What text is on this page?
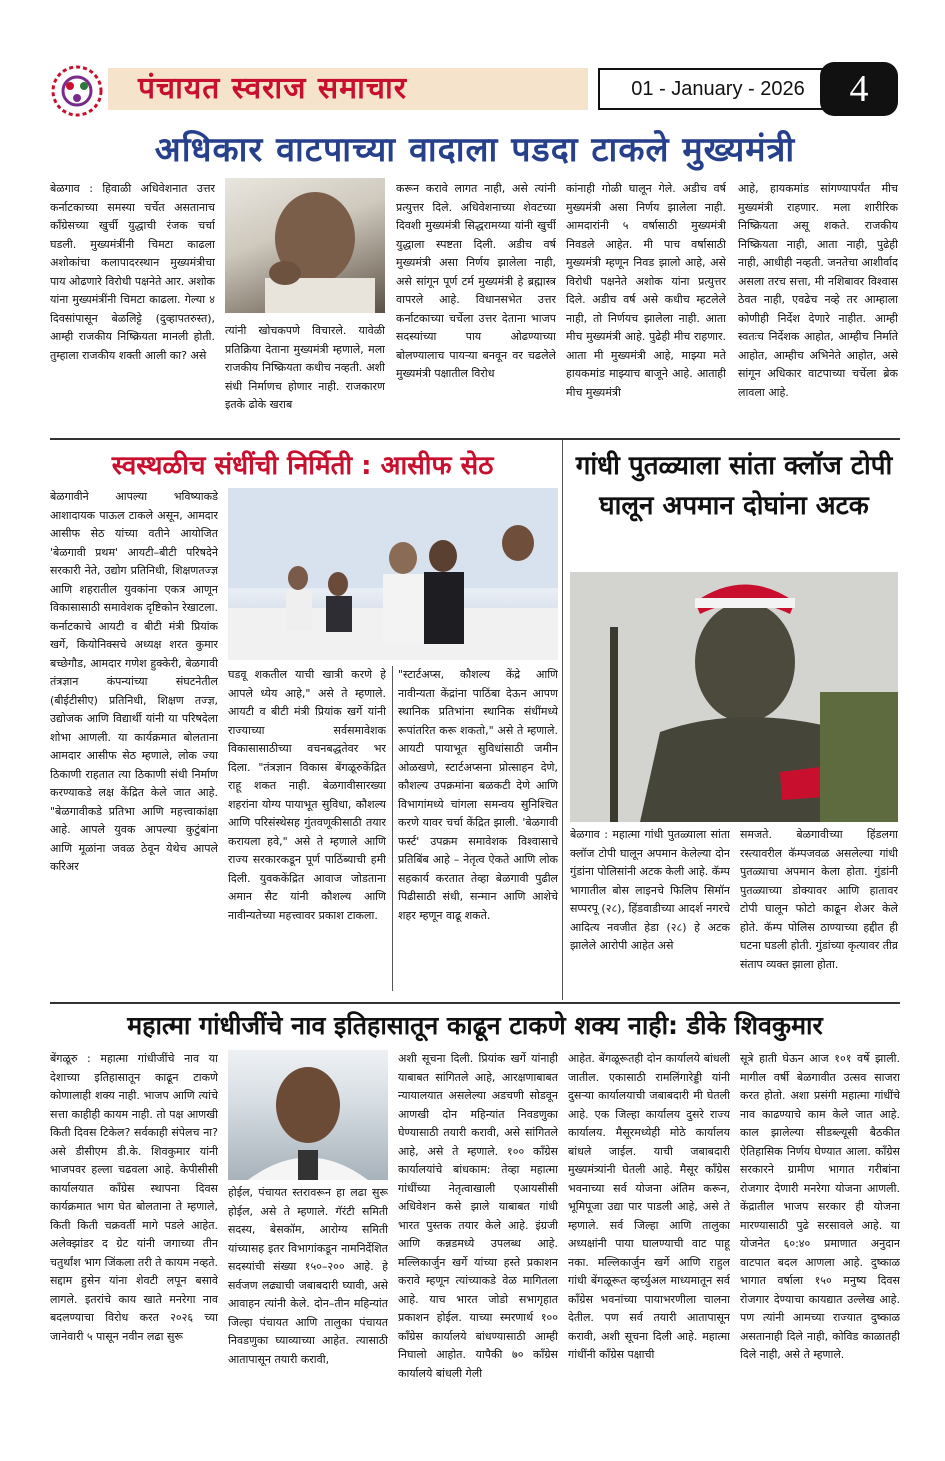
पंचायत स्वराज समाचार	01 - January - 2026	4
अधिकार वाटपाच्या वादाला पडदा टाकले मुख्यमंत्री
बेळगाव : हिवाळी अधिवेशनात उत्तर कर्नाटकाच्या समस्या चर्चेत असतानाच कॉंग्रेसच्या खुर्ची युद्धाची रंजक चर्चा घडली. मुख्यमंत्रींनी चिमटा काढला अशोकांचा कलापादरस्थान मुख्यमंत्रीचा पाय ओढणारे विरोधी पक्षनेते आर. अशोक यांना मुख्यमंत्रींनी चिमटा काढला. गेल्या ४ दिवसांपासून बेळलिट्टे (दुव्हापतरुस्त), आम्ही राजकीय निष्क्रियता मानली होती. तुम्हाला राजकीय शक्ती आली का? असे
त्यांनी खोचकपणे विचारले. यावेळी प्रतिक्रिया देताना मुख्यमंत्री म्हणाले, मला राजकीय निष्क्रियता कधीच नव्हती. अशी संधी निर्माणच होणार नाही. राजकारण इतके ढोके खराब
करून करावे लागत नाही, असे त्यांनी प्रत्युत्तर दिले. अधिवेशनाच्या शेवटच्या दिवशी मुख्यमंत्री सिद्धरामय्या यांनी खुर्ची युद्धाला स्पष्टता दिली. अडीच वर्ष मुख्यमंत्री असा निर्णय झालेला नाही, असे सांगून पूर्ण टर्म मुख्यमंत्री हे ब्रह्मास्त्र वापरले आहे. विधानसभेत उत्तर कर्नाटकाच्या चर्चेला उत्तर देताना भाजप सदस्यांच्या पाय ओढण्याच्या बोलण्यालाच पायऱ्या बनवून वर चढलेले मुख्यमंत्री पक्षातील विरोध
कांनाही गोळी घालून गेले. अडीच वर्ष मुख्यमंत्री असा निर्णय झालेला नाही. आमदारांनी ५ वर्षासाठी मुख्यमंत्री निवडले आहेत. मी पाच वर्षासाठी मुख्यमंत्री म्हणून निवड झालो आहे, असे विरोधी पक्षनेते अशोक यांना प्रत्युत्तर दिले. अडीच वर्ष असे कधीच म्हटलेले नाही, तो निर्णयच झालेला नाही. आता मीच मुख्यमंत्री आहे. पुढेही मीच राहणार. आता मी मुख्यमंत्री आहे, माझ्या मते हायकमांड माझ्याच बाजूने आहे. आताही मीच मुख्यमंत्री
आहे, हायकमांड सांगण्यापर्यंत मीच मुख्यमंत्री राहणार. मला शारीरिक निष्क्रियता असू शकते. राजकीय निष्क्रियता नाही, आता नाही, पुढेही नाही, आधीही नव्हती. जनतेचा आशीर्वाद असला तरच सत्ता, मी नशिबावर विश्वास ठेवत नाही, एवढेच नव्हे तर आम्हाला कोणीही निर्देश देणारे नाहीत. आम्ही स्वतःच निर्देशक आहोत, आम्हीच निर्माते आहोत, आम्हीच अभिनेते आहोत, असे सांगून अधिकार वाटपाच्या चर्चेला ब्रेक लावला आहे.
स्वस्थळीच संधींची निर्मिती : आसीफ सेठ
बेळगावीने आपल्या भविष्याकडे आशादायक पाऊल टाकले असून, आमदार आसीफ सेठ यांच्या वतीने आयोजित 'बेळगावी प्रथम' आयटी–बीटी परिषदेने सरकारी नेते, उद्योग प्रतिनिधी, शिक्षणतज्ज्ञ आणि शहरातील युवकांना एकत्र आणून विकासासाठी समावेशक दृष्टिकोन रेखाटला. कर्नाटकाचे आयटी व बीटी मंत्री प्रियांक खर्गे, कियोनिक्सचे अध्यक्ष शरत कुमार बच्छेगौड, आमदार गणेश हुक्केरी, बेळगावी तंत्रज्ञान कंपन्यांच्या संघटनेतील (बीईटीसीए) प्रतिनिधी, शिक्षण तज्ज्ञ, उद्योजक आणि विद्यार्थी यांनी या परिषदेला शोभा आणली. या कार्यक्रमात बोलताना आमदार आसीफ सेठ म्हणाले, लोक ज्या ठिकाणी राहतात त्या ठिकाणी संधी निर्माण करण्याकडे लक्ष केंद्रित केले जात आहे. "बेळगावीकडे प्रतिभा आणि महत्त्वाकांक्षा आहे. आपले युवक आपल्या कुटुंबांना आणि मूळांना जवळ ठेवून येथेच आपले करिअर
घडवू शकतील याची खात्री करणे हे आपले ध्येय आहे," असे ते म्हणाले. आयटी व बीटी मंत्री प्रियांक खर्गे यांनी राज्याच्या सर्वसमावेशक विकासासाठीच्या वचनबद्धतेवर भर दिला. "तंत्रज्ञान विकास बेंगळूरुकेंद्रित राहू शकत नाही. बेळगावीसारख्या शहरांना योग्य पायाभूत सुविधा, कौशल्य आणि परिसंस्थेसह गुंतवणूकीसाठी तयार करायला हवे," असे ते म्हणाले आणि राज्य सरकारकडून पूर्ण पाठिंब्याची हमी दिली. युवककेंद्रित आवाज जोडताना अमान सैट यांनी कौशल्य आणि नावीन्यतेच्या महत्त्वावर प्रकाश टाकला.
"स्टार्टअप्स, कौशल्य केंद्रे आणि नावीन्यता केंद्रांना पाठिंबा देऊन आपण स्थानिक प्रतिभांना स्थानिक संधींमध्ये रूपांतरित करू शकतो," असे ते म्हणाले. आयटी पायाभूत सुविधांसाठी जमीन ओळखणे, स्टार्टअप्सना प्रोत्साहन देणे, कौशल्य उपक्रमांना बळकटी देणे आणि विभागांमध्ये चांगला समन्वय सुनिश्चित करणे यावर चर्चा केंद्रित झाली. 'बेळगावी फर्स्ट' उपक्रम समावेशक विश्वासाचे प्रतिबिंब आहे – नेतृत्व ऐकते आणि लोक सहकार्य करतात तेव्हा बेळगावी पुढील पिढीसाठी संधी, सन्मान आणि आशेचे शहर म्हणून वाढू शकते.
गांधी पुतळ्याला सांता क्लॉज टोपी घालून अपमान दोघांना अटक
बेळगाव : महात्मा गांधी पुतळ्याला सांता क्लॉज टोपी घालून अपमान केलेल्या दोन गुंडांना पोलिसांनी अटक केली आहे. कॅम्प भागातील बोस लाइनचे फिलिप सिमॉन सप्परपू (२८), हिंडवाडीच्या आदर्श नगरचे आदित्य नवजीत हेडा (२८) हे अटक झालेले आरोपी आहेत असे
समजते. बेळगावीच्या हिंडलगा रस्त्यावरील कॅम्पजवळ असलेल्या गांधी पुतळ्याचा अपमान केला होता. गुंडांनी पुतळ्याच्या डोक्यावर आणि हातावर टोपी घालून फोटो काढून शेअर केले होते. कॅम्प पोलिस ठाण्याच्या हद्दीत ही घटना घडली होती. गुंडांच्या कृत्यावर तीव्र संताप व्यक्त झाला होता.
महात्मा गांधीजींचे नाव इतिहासातून काढून टाकणे शक्य नाही: डीके शिवकुमार
बेंगळूरु : महात्मा गांधीजींचे नाव या देशाच्या इतिहासातून काढून टाकणे कोणालाही शक्य नाही. भाजप आणि त्यांचे सत्ता काहीही कायम नाही. तो पक्ष आणखी किती दिवस टिकेल? सर्वकाही संपेलच ना? असे डीसीएम डी.के. शिवकुमार यांनी भाजपवर हल्ला चढवला आहे. केपीसीसी कार्यालयात कॉंग्रेस स्थापना दिवस कार्यक्रमात भाग घेत बोलताना ते म्हणाले, किती किती चक्रवर्ती मागे पडले आहेत. अलेक्झांडर द ग्रेट यांनी जगाच्या तीन चतुर्थांश भाग जिंकला तरी ते कायम नव्हते. सद्दाम हुसेन यांना शेवटी लपून बसावे लागले. इतरांचे काय खाते मनरेगा नाव बदलण्याचा विरोध करत २०२६ च्या जानेवारी ५ पासून नवीन लढा सुरू
होईल, पंचायत स्तरावरून हा लढा सुरू होईल, असे ते म्हणाले. गॅरंटी समिती सदस्य, बेसकॉम, आरोग्य समिती यांच्यासह इतर विभागांकडून नामनिर्देशित सदस्यांची संख्या १५०–२०० आहे. हे सर्वजण लढ्याची जबाबदारी घ्यावी, असे आवाहन त्यांनी केले. दोन–तीन महिन्यांत जिल्हा पंचायत आणि तालुका पंचायत निवडणुका घ्याव्याच्या आहेत. त्यासाठी आतापासून तयारी करावी,
अशी सूचना दिली. प्रियांक खर्गे यांनाही याबाबत सांगितले आहे, आरक्षणाबाबत न्यायालयात असलेल्या अडचणी सोडवून आणखी दोन महिन्यांत निवडणुका घेण्यासाठी तयारी करावी, असे सांगितले आहे, असे ते म्हणाले. १०० कॉंग्रेस कार्यालयांचे बांधकाम: तेव्हा महात्मा गांधींच्या नेतृत्वाखाली एआयसीसी अधिवेशन कसे झाले याबाबत गांधी भारत पुस्तक तयार केले आहे. इंग्रजी आणि कन्नडमध्ये उपलब्ध आहे. मल्लिकार्जुन खर्गे यांच्या हस्ते प्रकाशन करावे म्हणून त्यांच्याकडे वेळ मागितला आहे. याच भारत जोडो सभागृहात प्रकाशन होईल. याच्या स्मरणार्थ १०० कॉंग्रेस कार्यालये बांधण्यासाठी आम्ही निघालो आहोत. यापैकी ७० कॉंग्रेस कार्यालये बांधली गेली
आहेत. बेंगळूरूतही दोन कार्यालये बांधली जातील. एकासाठी रामलिंगारेड्डी यांनी दुसऱ्या कार्यालयाची जबाबदारी मी घेतली आहे. एक जिल्हा कार्यालय दुसरे राज्य कार्यालय. मैसूरमध्येही मोठे कार्यालय बांधले जाईल. याची जबाबदारी मुख्यमंत्र्यांनी घेतली आहे. मैसूर कॉंग्रेस भवनाच्या सर्व योजना अंतिम करून, भूमिपूजा उद्या पार पाडली आहे, असे ते म्हणाले. सर्व जिल्हा आणि तालुका अध्यक्षांनी पाया घालण्याची वाट पाहू नका. मल्लिकार्जुन खर्गे आणि राहुल गांधी बेंगळूरूत व्हर्च्युअल माध्यमातून सर्व कॉंग्रेस भवनांच्या पायाभरणीला चालना देतील. पण सर्व तयारी आतापासून करावी, अशी सूचना दिली आहे. महात्मा गांधींनी कॉंग्रेस पक्षाची
सूत्रे हाती घेऊन आज १०१ वर्षे झाली. मागील वर्षी बेळगावीत उत्सव साजरा करत होतो. अशा प्रसंगी महात्मा गांधींचे नाव काढण्याचे काम केले जात आहे. काल झालेल्या सीडब्ल्यूसी बैठकीत ऐतिहासिक निर्णय घेण्यात आला. कॉंग्रेस सरकारने ग्रामीण भागात गरीबांना रोजगार देणारी मनरेगा योजना आणली. केंद्रातील भाजप सरकार ही योजना मारण्यासाठी पुढे सरसावले आहे. या योजनेत ६०:४० प्रमाणात अनुदान वाटपात बदल आणला आहे. दुष्काळ भागात वर्षाला १५० मनुष्य दिवस रोजगार देण्याचा कायद्यात उल्लेख आहे. पण त्यांनी आमच्या राज्यात दुष्काळ असतानाही दिले नाही, कोविड काळातही दिले नाही, असे ते म्हणाले.
